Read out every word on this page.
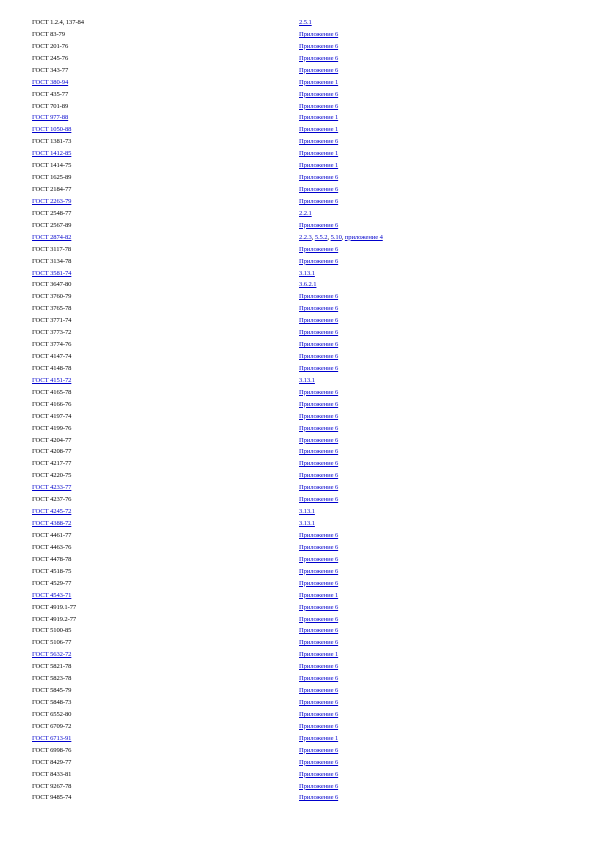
ГОСТ 1.2.4, 137-84	2.5.1
ГОСТ 83-79	Приложение 6
ГОСТ 201-76	Приложение 6
ГОСТ 245-76	Приложение 6
ГОСТ 343-77	Приложение 6
ГОСТ 380-94	Приложение 1
ГОСТ 435-77	Приложение 6
ГОСТ 701-89	Приложение 6
ГОСТ 977-88	Приложение 1
ГОСТ 1050-88	Приложение 1
ГОСТ 1381-73	Приложение 6
ГОСТ 1412-85	Приложение 1
ГОСТ 1414-75	Приложение 1
ГОСТ 1625-89	Приложение 6
ГОСТ 2184-77	Приложение 6
ГОСТ 2263-79	Приложение 6
ГОСТ 2548-77	2.2.1
ГОСТ 2567-89	Приложение 6
ГОСТ 2874-82	2.2.3, 5.5.2, 5.10, приложение 4
ГОСТ 3117-78	Приложение 6
ГОСТ 3134-78	Приложение 6
ГОСТ 3581-74	3.13.1
ГОСТ 3647-80	3.6.2.1
ГОСТ 3760-79	Приложение 6
ГОСТ 3765-78	Приложение 6
ГОСТ 3771-74	Приложение 6
ГОСТ 3773-72	Приложение 6
ГОСТ 3774-76	Приложение 6
ГОСТ 4147-74	Приложение 6
ГОСТ 4148-78	Приложение 6
ГОСТ 4151-72	3.13.1
ГОСТ 4165-78	Приложение 6
ГОСТ 4166-76	Приложение 6
ГОСТ 4197-74	Приложение 6
ГОСТ 4199-76	Приложение 6
ГОСТ 4204-77	Приложение 6
ГОСТ 4208-77	Приложение 6
ГОСТ 4217-77	Приложение 6
ГОСТ 4220-75	Приложение 6
ГОСТ 4233-77	Приложение 6
ГОСТ 4237-76	Приложение 6
ГОСТ 4245-72	3.13.1
ГОСТ 4388-72	3.13.1
ГОСТ 4461-77	Приложение 6
ГОСТ 4463-76	Приложение 6
ГОСТ 4478-78	Приложение 6
ГОСТ 4518-75	Приложение 6
ГОСТ 4529-77	Приложение 6
ГОСТ 4543-71	Приложение 1
ГОСТ 4919.1-77	Приложение 6
ГОСТ 4919.2-77	Приложение 6
ГОСТ 5100-85	Приложение 6
ГОСТ 5106-77	Приложение 6
ГОСТ 5632-72	Приложение 1
ГОСТ 5821-78	Приложение 6
ГОСТ 5823-78	Приложение 6
ГОСТ 5845-79	Приложение 6
ГОСТ 5848-73	Приложение 6
ГОСТ 6552-80	Приложение 6
ГОСТ 6709-72	Приложение 6
ГОСТ 6713-91	Приложение 1
ГОСТ 6998-76	Приложение 6
ГОСТ 8429-77	Приложение 6
ГОСТ 8433-81	Приложение 6
ГОСТ 9267-78	Приложение 6
ГОСТ 9485-74	Приложение 6
